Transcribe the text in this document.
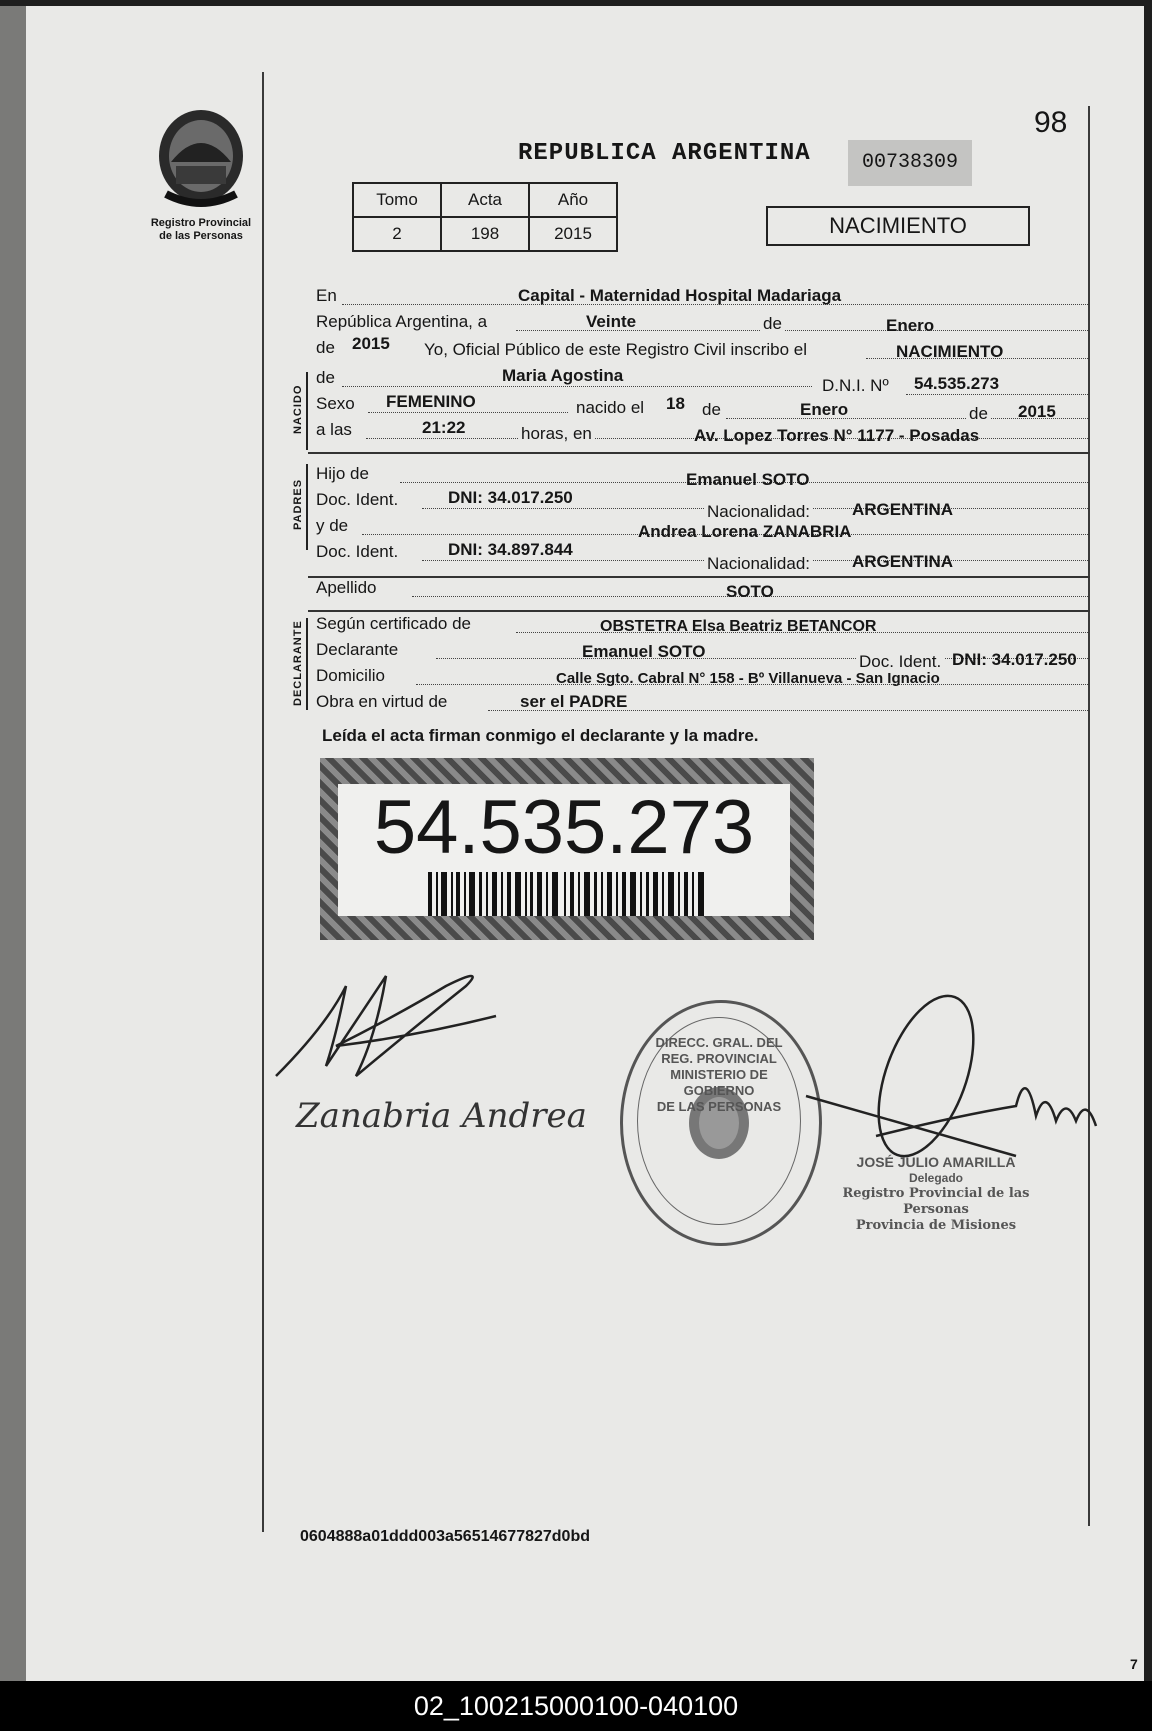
Registro Provincial
de las Personas
98
REPUBLICA ARGENTINA	00738309
Tomo	Acta	Año
2	198	2015	NACIMIENTO
En	Capital - Maternidad Hospital Madariaga
República Argentina, a	Veinte	de	Enero
de 2015 Yo, Oficial Público de este Registro Civil inscribo el	NACIMIENTO
NACIDO
de	Maria Agostina
D.N.I. Nº 54.535.273
Sexo FEMENINO	nacido el 18 de	Enero	de 2015
a las	21:22	horas, en	Av. Lopez Torres N° 1177 - Posadas
PADRES
Hijo de	Emanuel SOTO
Doc. Ident.	DNI: 34.017.250
Nacionalidad: ARGENTINA
y de	Andrea Lorena ZANABRIA
Doc. Ident.	DNI: 34.897.844
Nacionalidad: ARGENTINA
Apellido	SOTO
DECLARANTE Según certificado de	OBSTETRA Elsa Beatriz BETANCOR
Declarante	Emanuel SOTO
Doc. Ident. DNI: 34.017.250
Domicilio	Calle Sgto. Cabral N° 158 - Bº Villanueva - San Ignacio
Obra en virtud de	ser el PADRE
Leída el acta firman conmigo el declarante y la madre.
54.535.273
Zanabria Andrea
DIRECC. GRAL. DEL REG. PROVINCIAL
MINISTERIO DE GOBIERNO
DE LAS PERSONAS
JOSÉ JULIO AMARILLA
Delegado
Registro Provincial de las Personas
Provincia de Misiones
0604888a01ddd003a56514677827d0bd
7
02_100215000100-040100
